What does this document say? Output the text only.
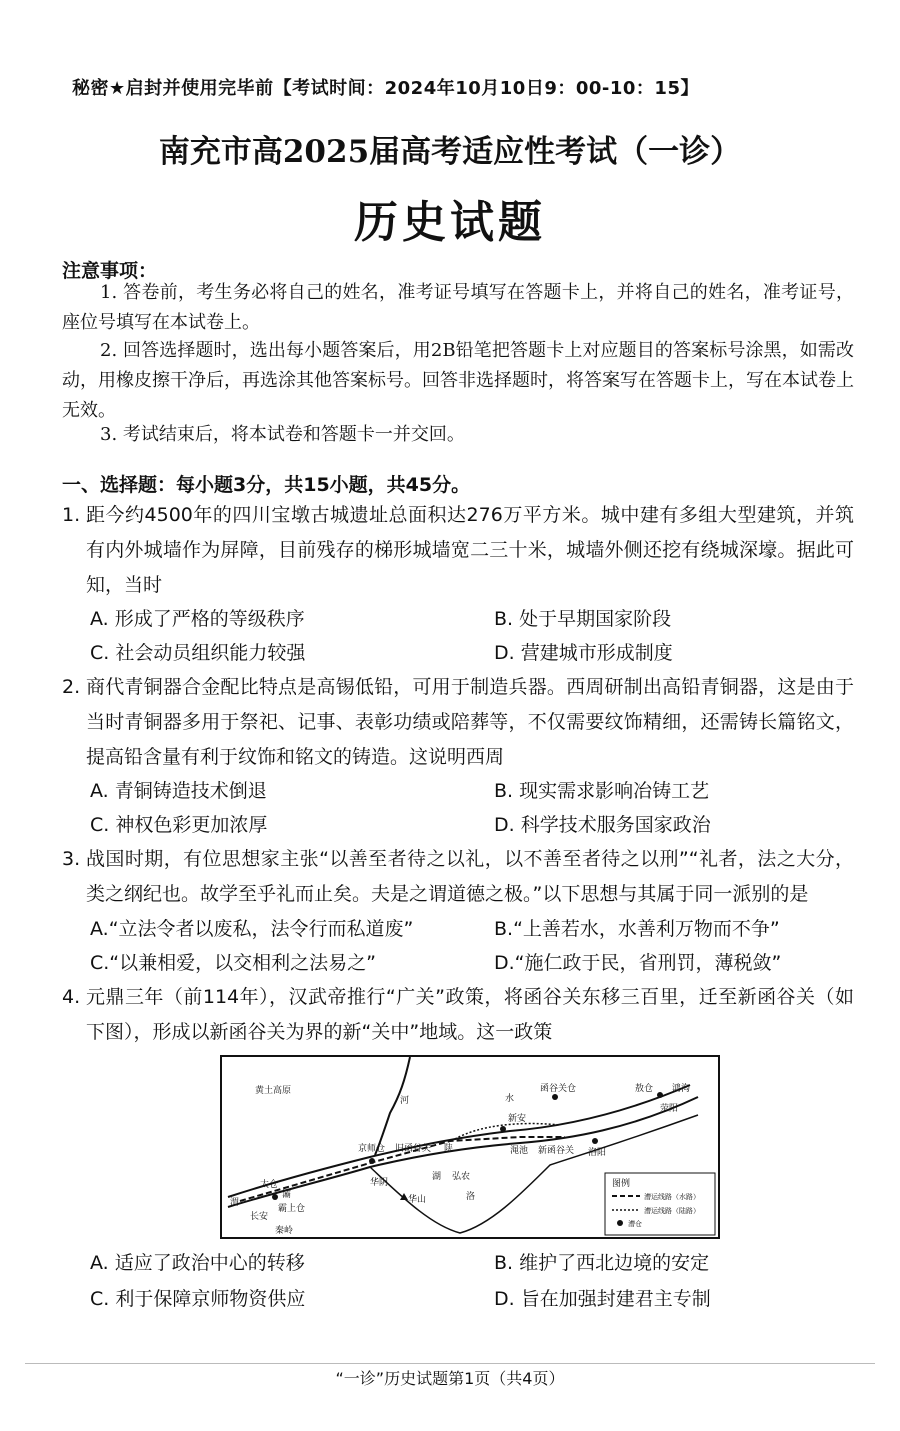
秘密★启封并使用完毕前【考试时间：2024年10月10日9：00-10：15】
南充市高2025届高考适应性考试（一诊）
历史试题
注意事项：
1. 答卷前，考生务必将自己的姓名，准考证号填写在答题卡上，并将自己的姓名，准考证号，座位号填写在本试卷上。
2. 回答选择题时，选出每小题答案后，用2B铅笔把答题卡上对应题目的答案标号涂黑，如需改动，用橡皮擦干净后，再选涂其他答案标号。回答非选择题时，将答案写在答题卡上，写在本试卷上无效。
3. 考试结束后，将本试卷和答题卡一并交回。
一、选择题：每小题3分，共15小题，共45分。
1. 距今约4500年的四川宝墩古城遗址总面积达276万平方米。城中建有多组大型建筑，并筑有内外城墙作为屏障，目前残存的梯形城墙宽二三十米，城墙外侧还挖有绕城深壕。据此可知，当时
A. 形成了严格的等级秩序	B. 处于早期国家阶段
C. 社会动员组织能力较强	D. 营建城市形成制度
2. 商代青铜器合金配比特点是高锡低铅，可用于制造兵器。西周研制出高铅青铜器，这是由于当时青铜器多用于祭祀、记事、表彰功绩或陪葬等，不仅需要纹饰精细，还需铸长篇铭文，提高铅含量有利于纹饰和铭文的铸造。这说明西周
A. 青铜铸造技术倒退	B. 现实需求影响冶铸工艺
C. 神权色彩更加浓厚	D. 科学技术服务国家政治
3. 战国时期，有位思想家主张“以善至者待之以礼，以不善至者待之以刑”“礼者，法之大分，类之纲纪也。故学至乎礼而止矣。夫是之谓道德之极。”以下思想与其属于同一派别的是
A.“立法令者以废私，法令行而私道废”	B.“上善若水，水善利万物而不争”
C.“以兼相爱，以交相利之法易之”	D.“施仁政于民，省刑罚，薄税敛”
4. 元鼎三年（前114年），汉武帝推行“广关”政策，将函谷关东移三百里，迁至新函谷关（如下图），形成以新函谷关为界的新“关中”地域。这一政策
黄土高原
河	水
函谷关仓	敖仓 鸿沟
荥阳
新安
京师仓 旧函谷关 陕	渑池 新函谷关 洛阳
太仓
渭
灞
长安
霸上仓
华阴
湖 弘农
华山	洛
秦岭
图例
漕运线路（水路）
漕运线路（陆路）
漕仓
A. 适应了政治中心的转移	B. 维护了西北边境的安定
C. 利于保障京师物资供应	D. 旨在加强封建君主专制
“一诊”历史试题第1页（共4页）
